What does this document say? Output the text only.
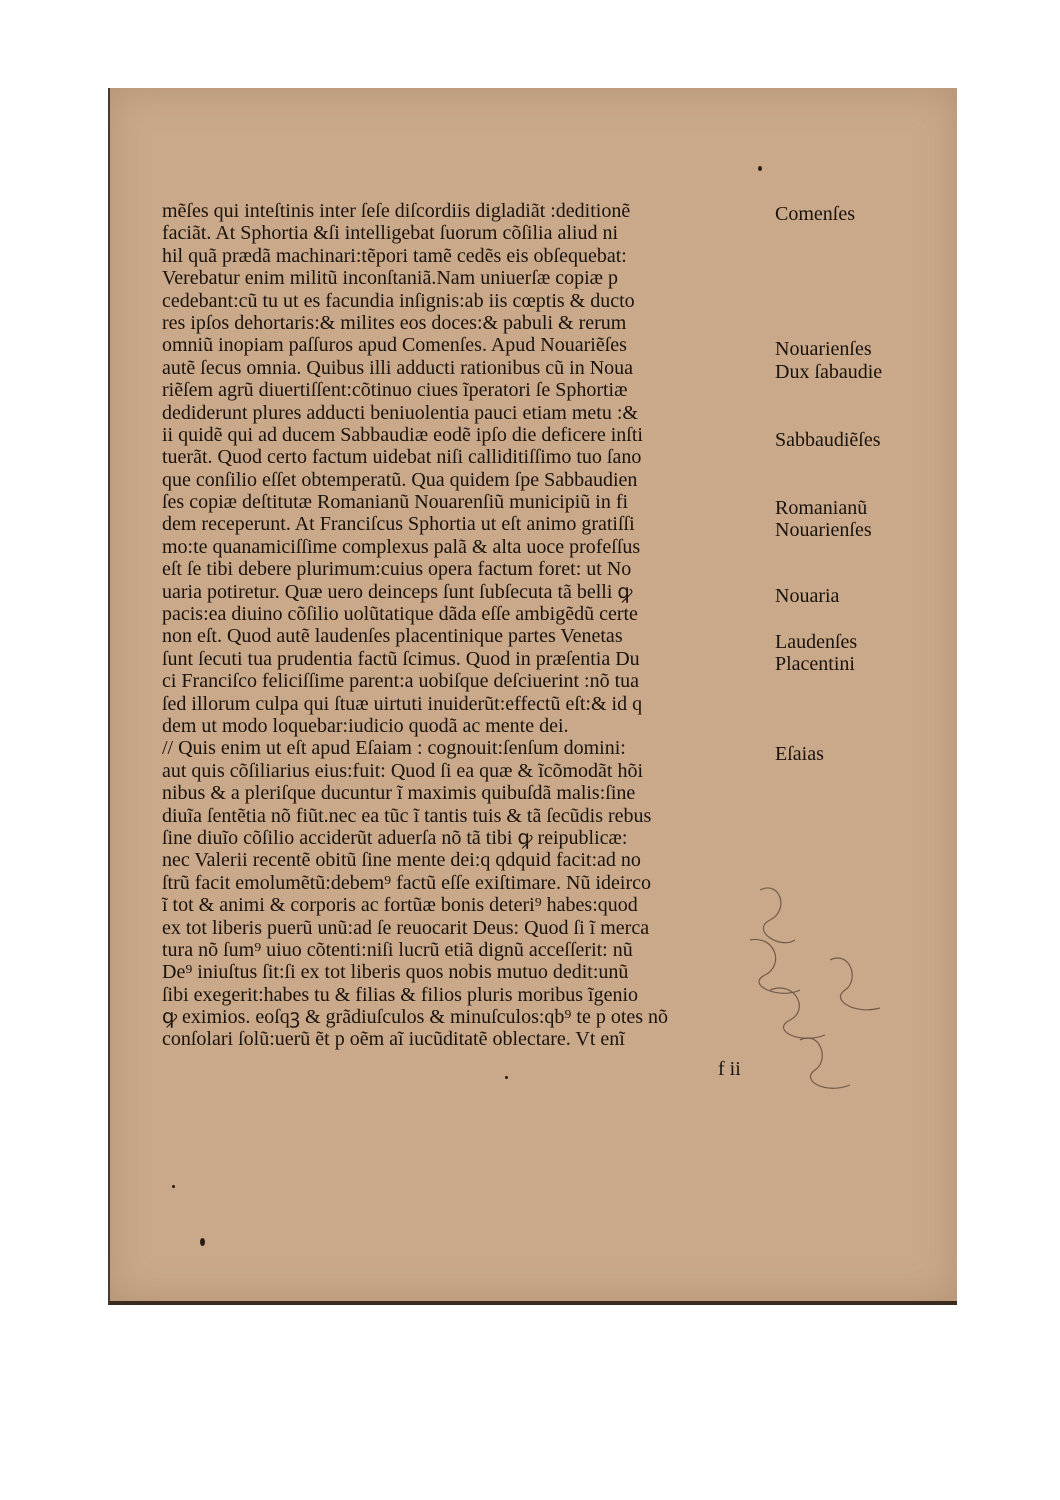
mẽſes qui inteſtinis inter ſeſe diſcordiis digladiãt :deditionẽ
faciãt. At Sphortia &ſi intelligebat ſuorum cõſilia aliud ni
hil quã prædã machinari:tẽpori tamẽ cedẽs eis obſequebat:
Verebatur enim militũ inconſtaniã.Nam uniuerſæ copiæ p
cedebant:cũ tu ut es facundia inſignis:ab iis cœptis & ducto
res ipſos dehortaris:& milites eos doces:& pabuli & rerum
omniũ inopiam paſſuros apud Comenſes. Apud Nouariẽſes
autẽ ſecus omnia. Quibus illi adducti rationibus cũ in Noua
riẽſem agrũ diuertiſſent:cõtinuo ciues ĩperatori ſe Sphortiæ
dediderunt plures adducti beniuolentia pauci etiam metu :&
ii quidẽ qui ad ducem Sabbaudiæ eodẽ ipſo die deficere inſti
tuerãt. Quod certo factum uidebat niſi calliditiſſimo tuo ſano
que conſilio eſſet obtemperatũ. Qua quidem ſpe Sabbaudien
ſes copiæ deſtitutæ Romanianũ Nouarenſiũ municipiũ in fi
dem receperunt. At Franciſcus Sphortia ut eſt animo gratiſſi
mo:te quanamiciſſime complexus palã & alta uoce profeſſus
eſt ſe tibi debere plurimum:cuius opera factum foret: ut No
uaria potiretur. Quæ uero deinceps ſunt ſubſecuta tã belli ꝙ
pacis:ea diuino cõſilio uolũtatique dãda eſſe ambigẽdũ certe
non eſt. Quod autẽ laudenſes placentinique partes Venetas
ſunt ſecuti tua prudentia factũ ſcimus. Quod in præſentia Du
ci Franciſco feliciſſime parent:a uobiſque deſciuerint :nõ tua
ſed illorum culpa qui ſtuæ uirtuti inuiderũt:effectũ eſt:& id q
dem ut modo loquebar:iudicio quodã ac mente dei.
// Quis enim ut eſt apud Eſaiam : cognouit:ſenſum domini:
aut quis cõſiliarius eius:fuit: Quod ſi ea quæ & ĩcõmodãt hõi
nibus & a pleriſque ducuntur ĩ maximis quibuſdã malis:ſine
diuĩa ſentẽtia nõ fiũt.nec ea tũc ĩ tantis tuis & tã ſecũdis rebus
ſine diuĩo cõſilio acciderũt aduerſa nõ tã tibi ꝙ reipublicæ:
nec Valerii recentẽ obitũ ſine mente dei:q qdquid facit:ad no
ſtrũ facit emolumẽtũ:debem⁹ factũ eſſe exiſtimare. Nũ ideirco
ĩ tot & animi & corporis ac fortũæ bonis deteri⁹ habes:quod
ex tot liberis puerũ unũ:ad ſe reuocarit Deus: Quod ſi ĩ merca
tura nõ ſum⁹ uiuo cõtenti:niſi lucrũ etiã dignũ acceſſerit: nũ
De⁹ iniuſtus ſit:ſi ex tot liberis quos nobis mutuo dedit:unũ
ſibi exegerit:habes tu & filias & filios pluris moribus ĩgenio
ꝙ eximios. eoſqꝫ & grãdiuſculos & minuſculos:qb⁹ te p otes nõ
conſolari ſolũ:uerũ ẽt p oẽm aĩ iucũditatẽ oblectare. Vt enĩ
Comenſes
Nouarienſes
Dux ſabaudie
Sabbaudiẽſes
Romanianũ
Nouarienſes
Nouaria
Laudenſes
Placentini
Eſaias
f ii
